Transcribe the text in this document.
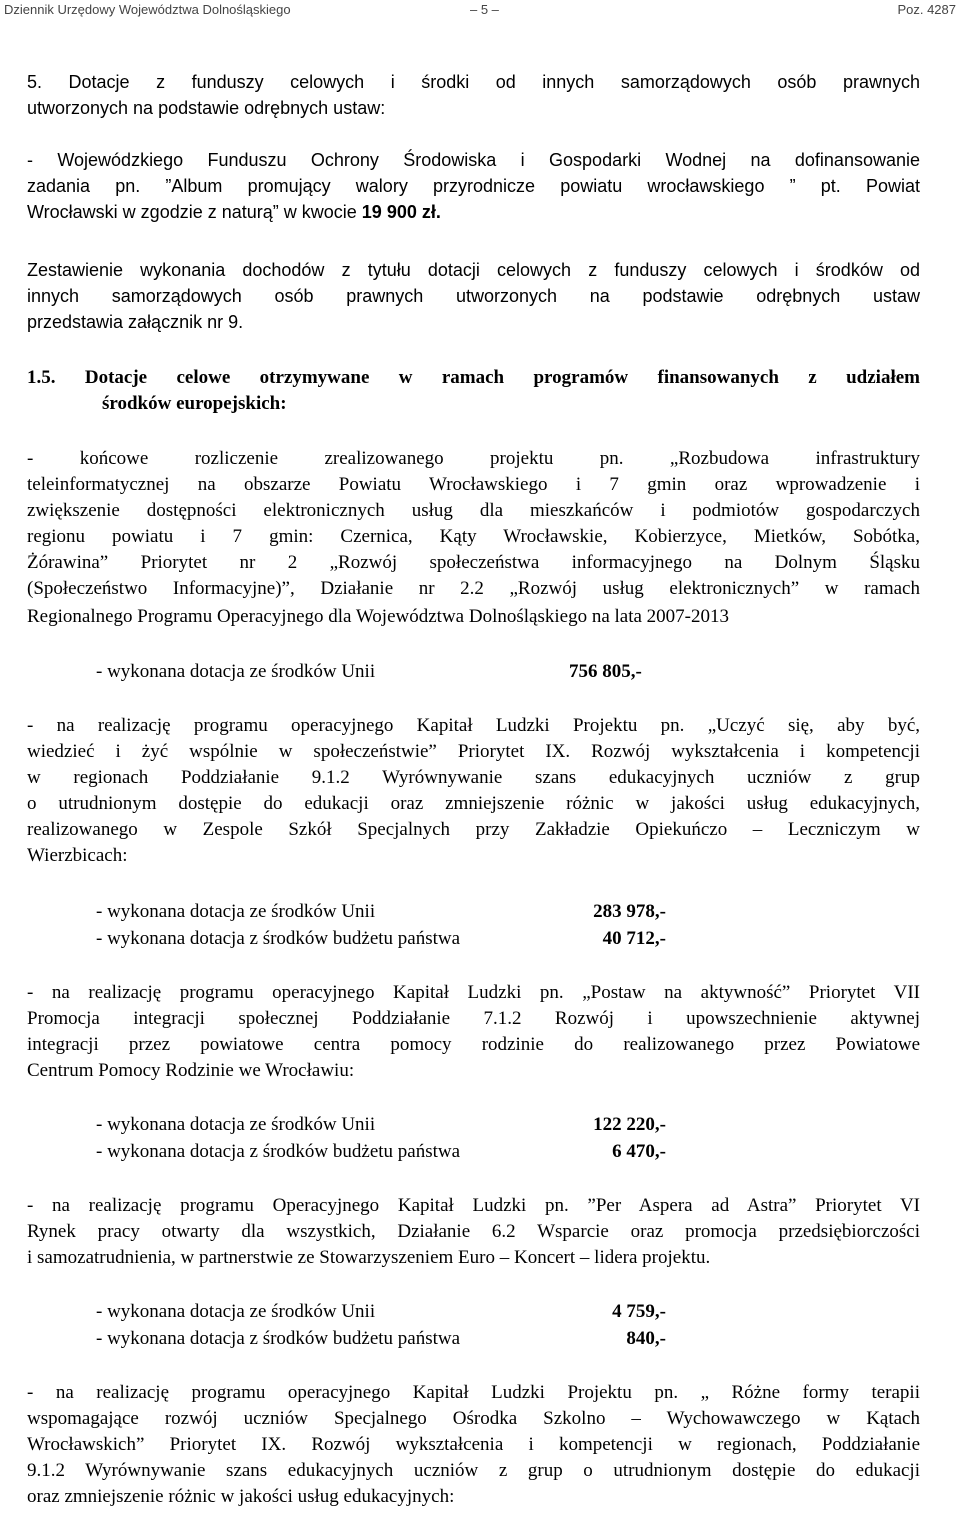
Dziennik Urzędowy Województwa Dolnośląskiego	– 5 –	Poz. 4287
5. Dotacje z funduszy celowych i środki od innych samorządowych osób prawnych
utworzonych na podstawie odrębnych ustaw:
- Wojewódzkiego Funduszu Ochrony Środowiska i Gospodarki Wodnej na dofinansowanie
zadania pn. ”Album promujący walory przyrodnicze powiatu wrocławskiego ” pt. Powiat
Wrocławski w zgodzie z naturą” w kwocie 19 900 zł.
Zestawienie wykonania dochodów z tytułu dotacji celowych z funduszy celowych i środków od
innych samorządowych osób prawnych utworzonych na podstawie odrębnych ustaw
przedstawia załącznik nr 9.
1.5. Dotacje celowe otrzymywane w ramach programów finansowanych z udziałem
środków europejskich:
- końcowe rozliczenie zrealizowanego projektu pn. „Rozbudowa infrastruktury
teleinformatycznej na obszarze Powiatu Wrocławskiego i 7 gmin oraz wprowadzenie i
zwiększenie dostępności elektronicznych usług dla mieszkańców i podmiotów gospodarczych
regionu powiatu i 7 gmin: Czernica, Kąty Wrocławskie, Kobierzyce, Mietków, Sobótka,
Żórawina” Priorytet nr 2 „Rozwój społeczeństwa informacyjnego na Dolnym Śląsku
(Społeczeństwo Informacyjne)”, Działanie nr 2.2 „Rozwój usług elektronicznych” w ramach
Regionalnego Programu Operacyjnego dla Województwa Dolnośląskiego na lata 2007-2013
- wykonana dotacja ze środków Unii	756 805,-
- na realizację programu operacyjnego Kapitał Ludzki Projektu pn. „Uczyć się, aby być,
wiedzieć i żyć wspólnie w społeczeństwie” Priorytet IX. Rozwój wykształcenia i kompetencji
w regionach Poddziałanie 9.1.2 Wyrównywanie szans edukacyjnych uczniów z grup
o utrudnionym dostępie do edukacji oraz zmniejszenie różnic w jakości usług edukacyjnych,
realizowanego w Zespole Szkół Specjalnych przy Zakładzie Opiekuńczo – Leczniczym w
Wierzbicach:
- wykonana dotacja ze środków Unii	283 978,-
- wykonana dotacja z środków budżetu państwa	40 712,-
- na realizację programu operacyjnego Kapitał Ludzki pn. „Postaw na aktywność” Priorytet VII
Promocja integracji społecznej Poddziałanie 7.1.2 Rozwój i upowszechnienie aktywnej
integracji przez powiatowe centra pomocy rodzinie do realizowanego przez Powiatowe
Centrum Pomocy Rodzinie we Wrocławiu:
- wykonana dotacja ze środków Unii	122 220,-
- wykonana dotacja z środków budżetu państwa	6 470,-
- na realizację programu Operacyjnego Kapitał Ludzki pn. ”Per Aspera ad Astra” Priorytet VI
Rynek pracy otwarty dla wszystkich, Działanie 6.2 Wsparcie oraz promocja przedsiębiorczości
i samozatrudnienia, w partnerstwie ze Stowarzyszeniem Euro – Koncert – lidera projektu.
- wykonana dotacja ze środków Unii	4 759,-
- wykonana dotacja z środków budżetu państwa	840,-
- na realizację programu operacyjnego Kapitał Ludzki Projektu pn. „ Różne formy terapii
wspomagające rozwój uczniów Specjalnego Ośrodka Szkolno – Wychowawczego w Kątach
Wrocławskich” Priorytet IX. Rozwój wykształcenia i kompetencji w regionach, Poddziałanie
9.1.2 Wyrównywanie szans edukacyjnych uczniów z grup o utrudnionym dostępie do edukacji
oraz zmniejszenie różnic w jakości usług edukacyjnych:
